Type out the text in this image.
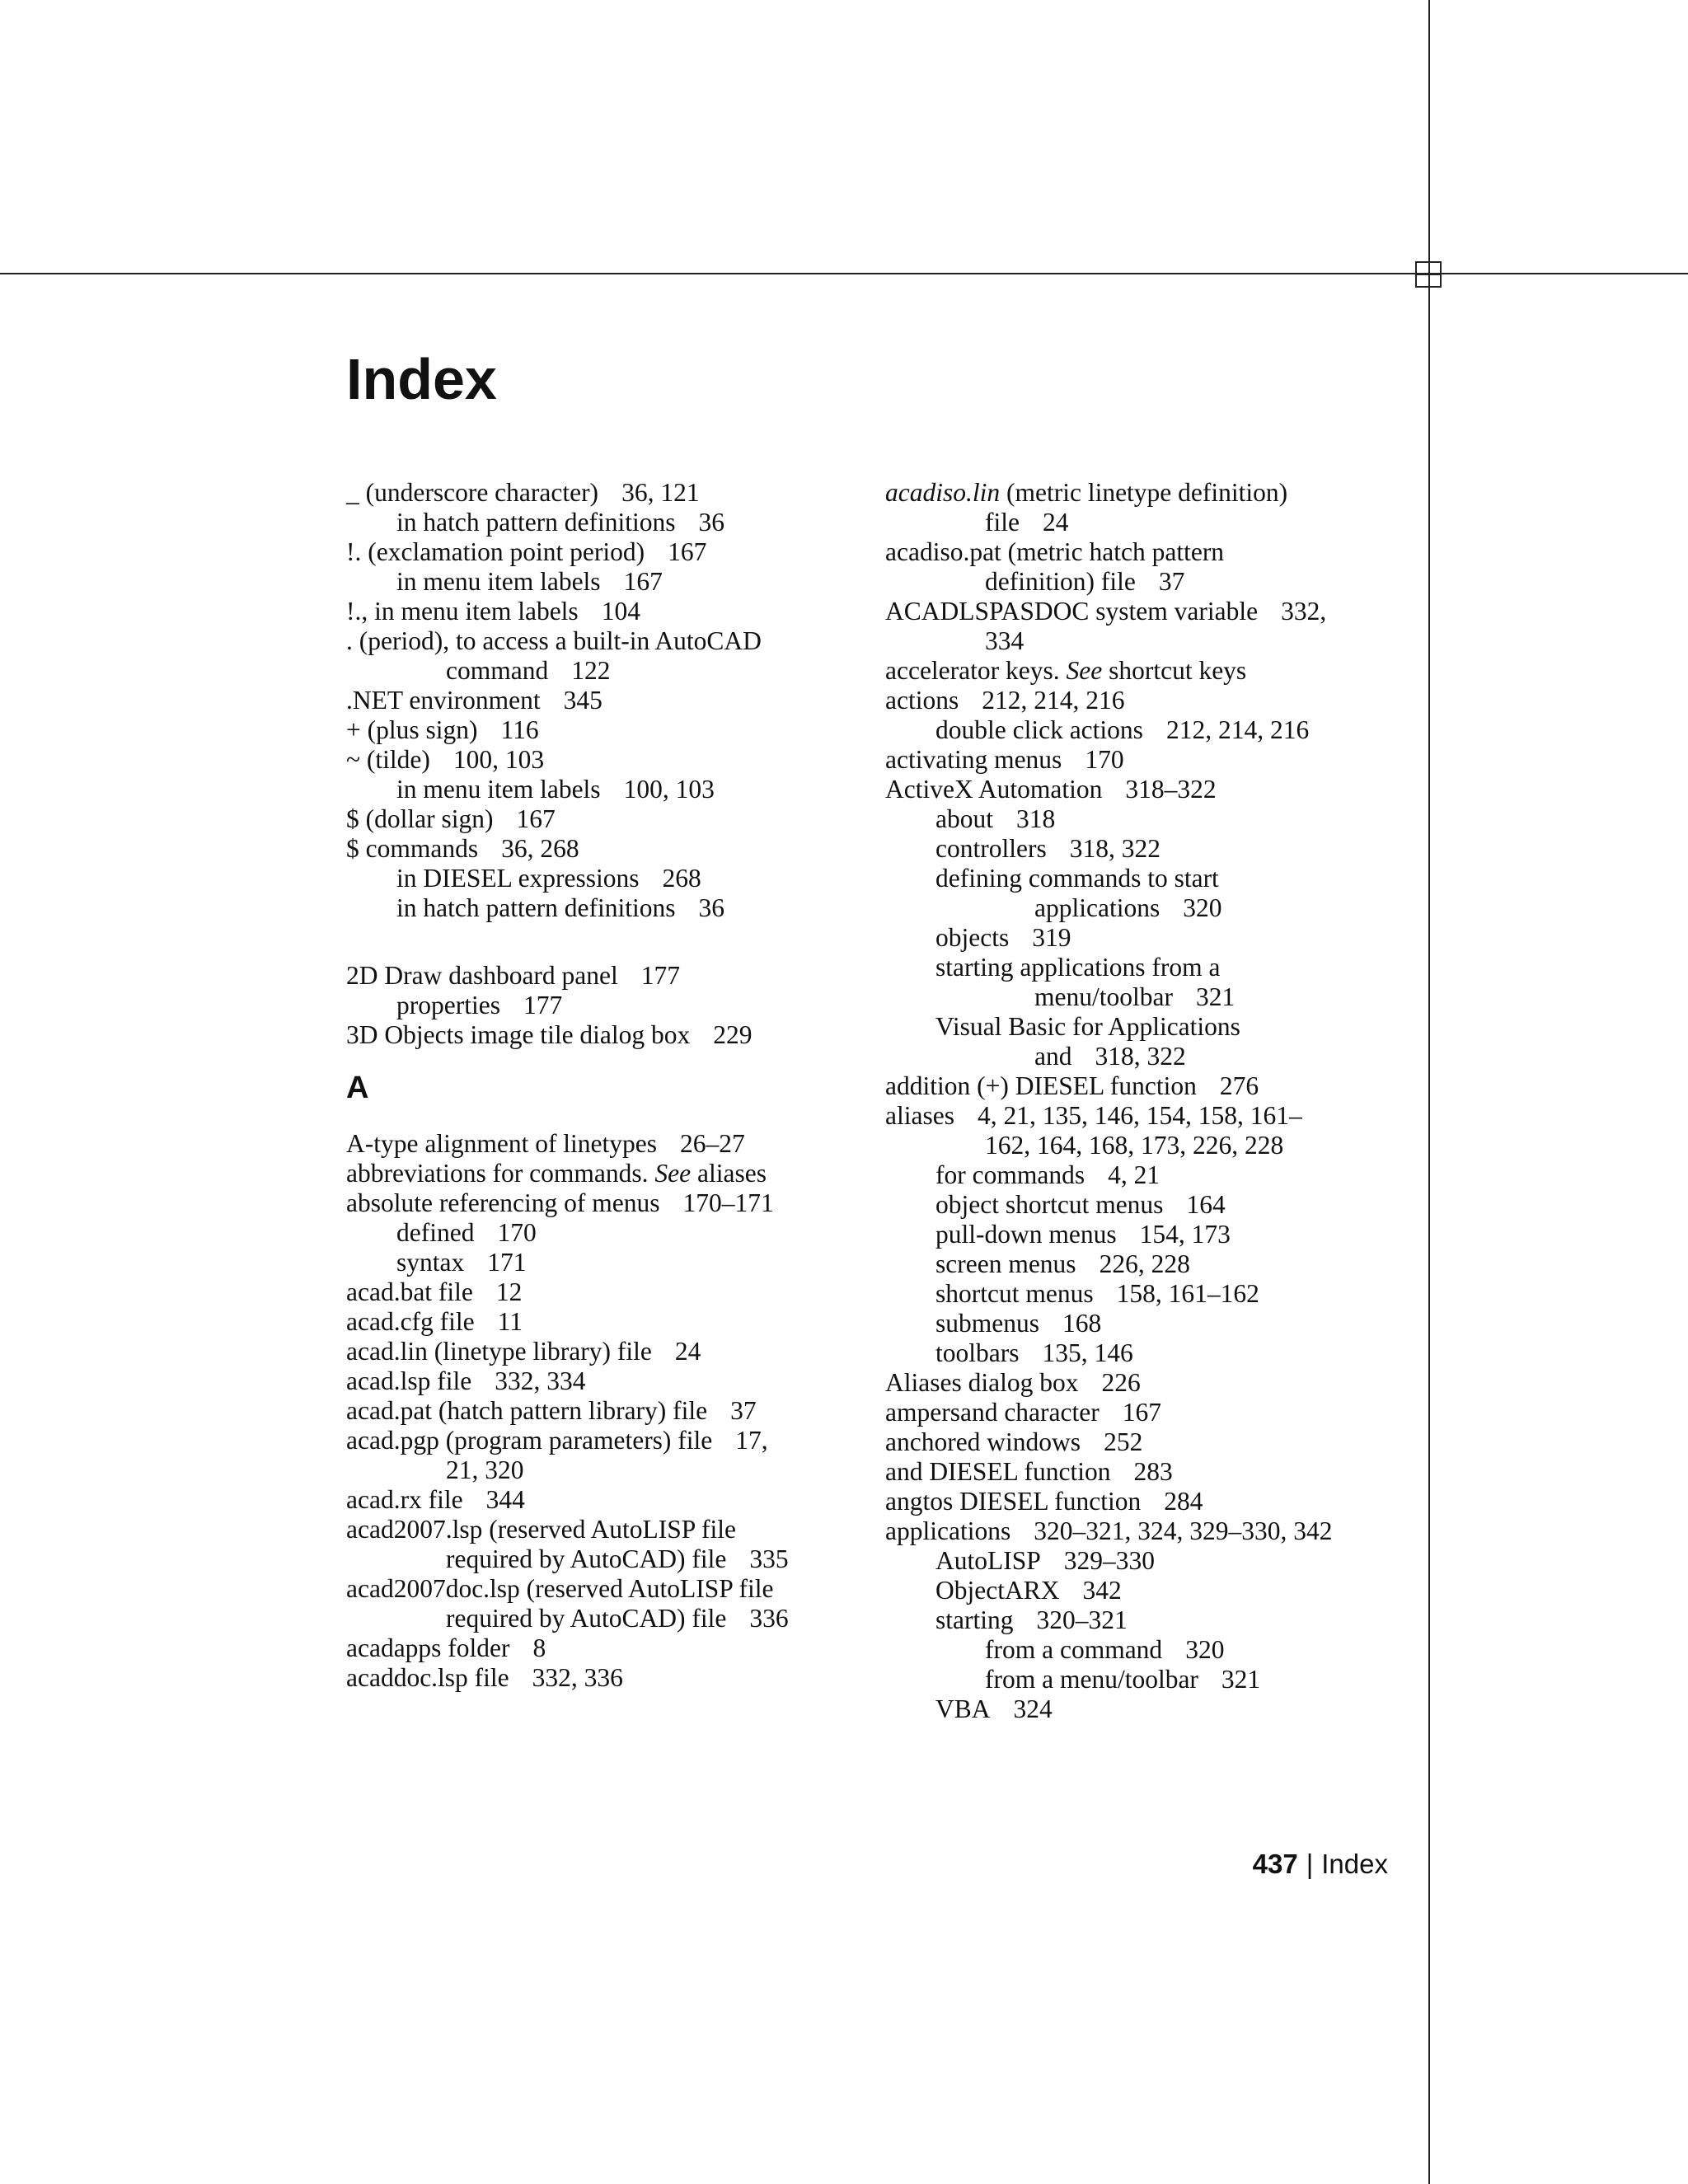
Index
_ (underscore character) 36, 121
in hatch pattern definitions 36
!. (exclamation point period) 167
in menu item labels 167
!., in menu item labels 104
. (period), to access a built-in AutoCAD
command 122
.NET environment 345
+ (plus sign) 116
~ (tilde) 100, 103
in menu item labels 100, 103
$ (dollar sign) 167
$ commands 36, 268
in DIESEL expressions 268
in hatch pattern definitions 36
2D Draw dashboard panel 177
properties 177
3D Objects image tile dialog box 229
A
A-type alignment of linetypes 26–27
abbreviations for commands. See aliases
absolute referencing of menus 170–171
defined 170
syntax 171
acad.bat file 12
acad.cfg file 11
acad.lin (linetype library) file 24
acad.lsp file 332, 334
acad.pat (hatch pattern library) file 37
acad.pgp (program parameters) file 17,
21, 320
acad.rx file 344
acad2007.lsp (reserved AutoLISP file
required by AutoCAD) file 335
acad2007doc.lsp (reserved AutoLISP file
required by AutoCAD) file 336
acadapps folder 8
acaddoc.lsp file 332, 336
acadiso.lin (metric linetype definition)
file 24
acadiso.pat (metric hatch pattern
definition) file 37
ACADLSPASDOC system variable 332,
334
accelerator keys. See shortcut keys
actions 212, 214, 216
double click actions 212, 214, 216
activating menus 170
ActiveX Automation 318–322
about 318
controllers 318, 322
defining commands to start
applications 320
objects 319
starting applications from a
menu/toolbar 321
Visual Basic for Applications
and 318, 322
addition (+) DIESEL function 276
aliases 4, 21, 135, 146, 154, 158, 161–
162, 164, 168, 173, 226, 228
for commands 4, 21
object shortcut menus 164
pull-down menus 154, 173
screen menus 226, 228
shortcut menus 158, 161–162
submenus 168
toolbars 135, 146
Aliases dialog box 226
ampersand character 167
anchored windows 252
and DIESEL function 283
angtos DIESEL function 284
applications 320–321, 324, 329–330, 342
AutoLISP 329–330
ObjectARX 342
starting 320–321
from a command 320
from a menu/toolbar 321
VBA 324
437 | Index
